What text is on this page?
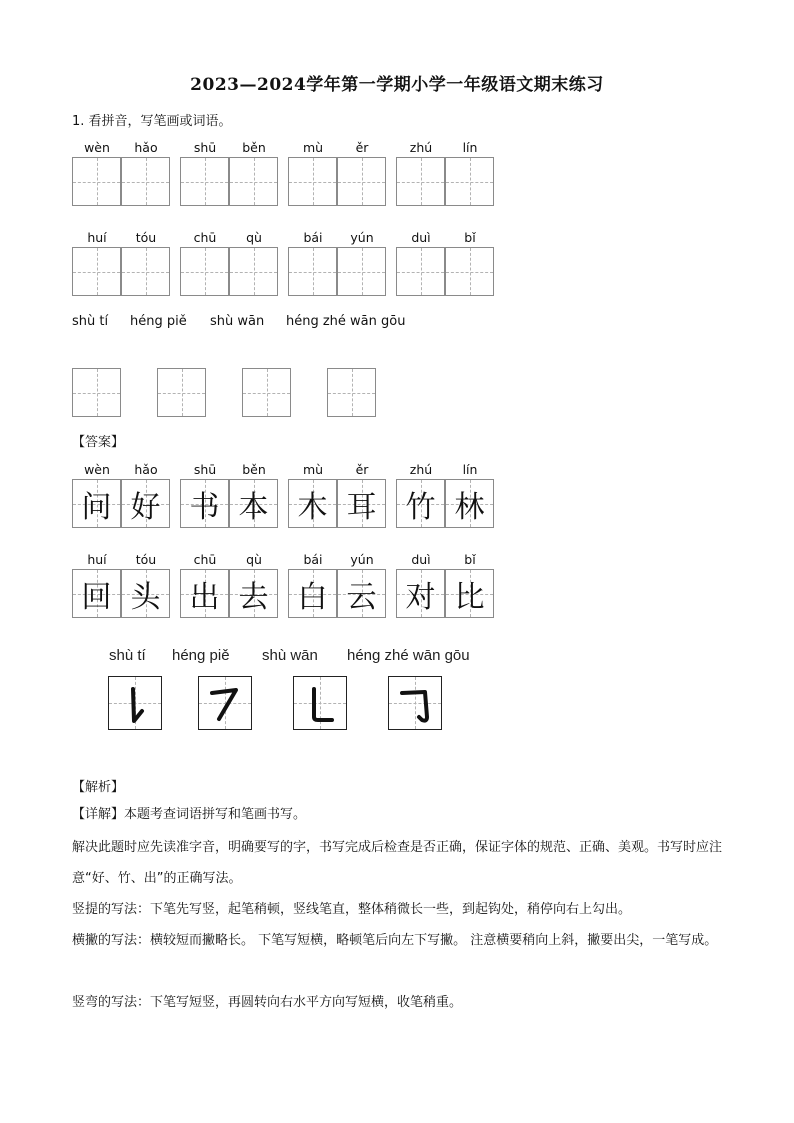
2023—2024学年第一学期小学一年级语文期末练习
1. 看拼音，写笔画或词语。
wèn	hǎo	shū	běn	mù	ěr	zhú	lín
huí	tóu	chū	qù	bái	yún	duì	bǐ
shù tí héng piě shù wān héng zhé wān gōu
【答案】
wèn	hǎo	shū	běn	mù	ěr	zhú	lín
问 好 书 本 木 耳 竹 林
huí	tóu	chū	qù	bái	yún	duì	bǐ
回 头 出 去 白 云 对 比
shù tí héng piě shù wān héng zhé wān gōu
【解析】
【详解】本题考查词语拼写和笔画书写。
解决此题时应先读准字音，明确要写的字，书写完成后检查是否正确，保证字体的规范、正确、美观。书写时应注意“好、竹、出”的正确写法。
竖提的写法：下笔先写竖，起笔稍顿，竖线笔直，整体稍微长一些，到起钩处，稍停向右上勾出。
横撇的写法：横较短而撇略长。 下笔写短横，略顿笔后向左下写撇。 注意横要稍向上斜，撇要出尖，一笔写成。
竖弯的写法：下笔写短竖，再圆转向右水平方向写短横，收笔稍重。
